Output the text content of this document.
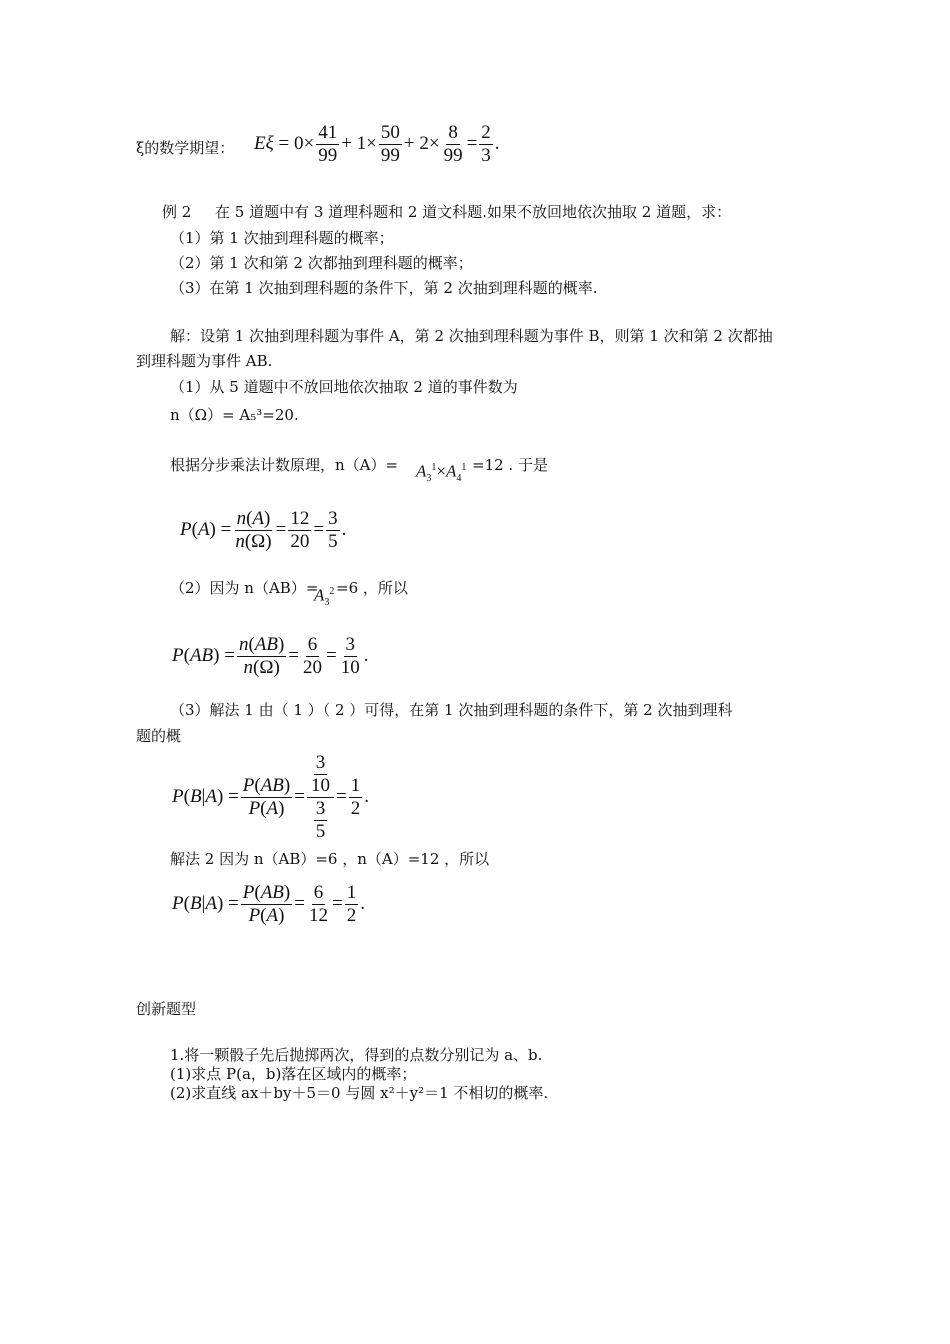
ξ的数学期望： $E\xi = 0\times \frac{41}{99} + 1\times \frac{50}{99} + 2\times \frac{8}{99} = \frac{2}{3}$ .
例 2 在 5 道题中有 3 道理科题和 2 道文科题.如果不放回地依次抽取 2 道题，求：
（1）第 1 次抽到理科题的概率；
（2）第 1 次和第 2 次都抽到理科题的概率；
（3）在第 1 次抽到理科题的条件下，第 2 次抽到理科题的概率.
解：设第 1 次抽到理科题为事件 A，第 2 次抽到理科题为事件 B，则第 1 次和第 2 次都抽
到理科题为事件 AB.
（1）从 5 道题中不放回地依次抽取 2 道的事件数为
n（Ω）= A₅³=20.
根据分步乘法计数原理，$n(A)= A_3^1\times A_4^1 =12$ . 于是
$P(A) = \frac{n(A)}{n(\Omega)} = \frac{12}{20} = \frac{3}{5}$ .
（2）因为 n（AB）=
$A_3^2 =6$ ，所以
$P(AB) = \frac{n(AB)}{n(\Omega)} = \frac{6}{20} = \frac{3}{10}$ .
（3）解法 1 由（ 1 ）（ 2 ）可得，在第 1 次抽到理科题的条件下，第 2 次抽到理科
题的概
$P(B|A) = \frac{P(AB)}{P(A)} = \frac{\frac{3}{10}}{\frac{3}{5}} = \frac{1}{2}$ .
解法 2 因为 n（AB）=6 ，n（A）=12 ，所以
$P(B|A) = \frac{P(AB)}{P(A)} = \frac{6}{12} = \frac{1}{2}$ .
创新题型
1.将一颗骰子先后抛掷两次，得到的点数分别记为 a、b.
(1)求点 P(a，b)落在区域内的概率；
(2)求直线 ax＋by＋5＝0 与圆 x²＋y²＝1 不相切的概率.
